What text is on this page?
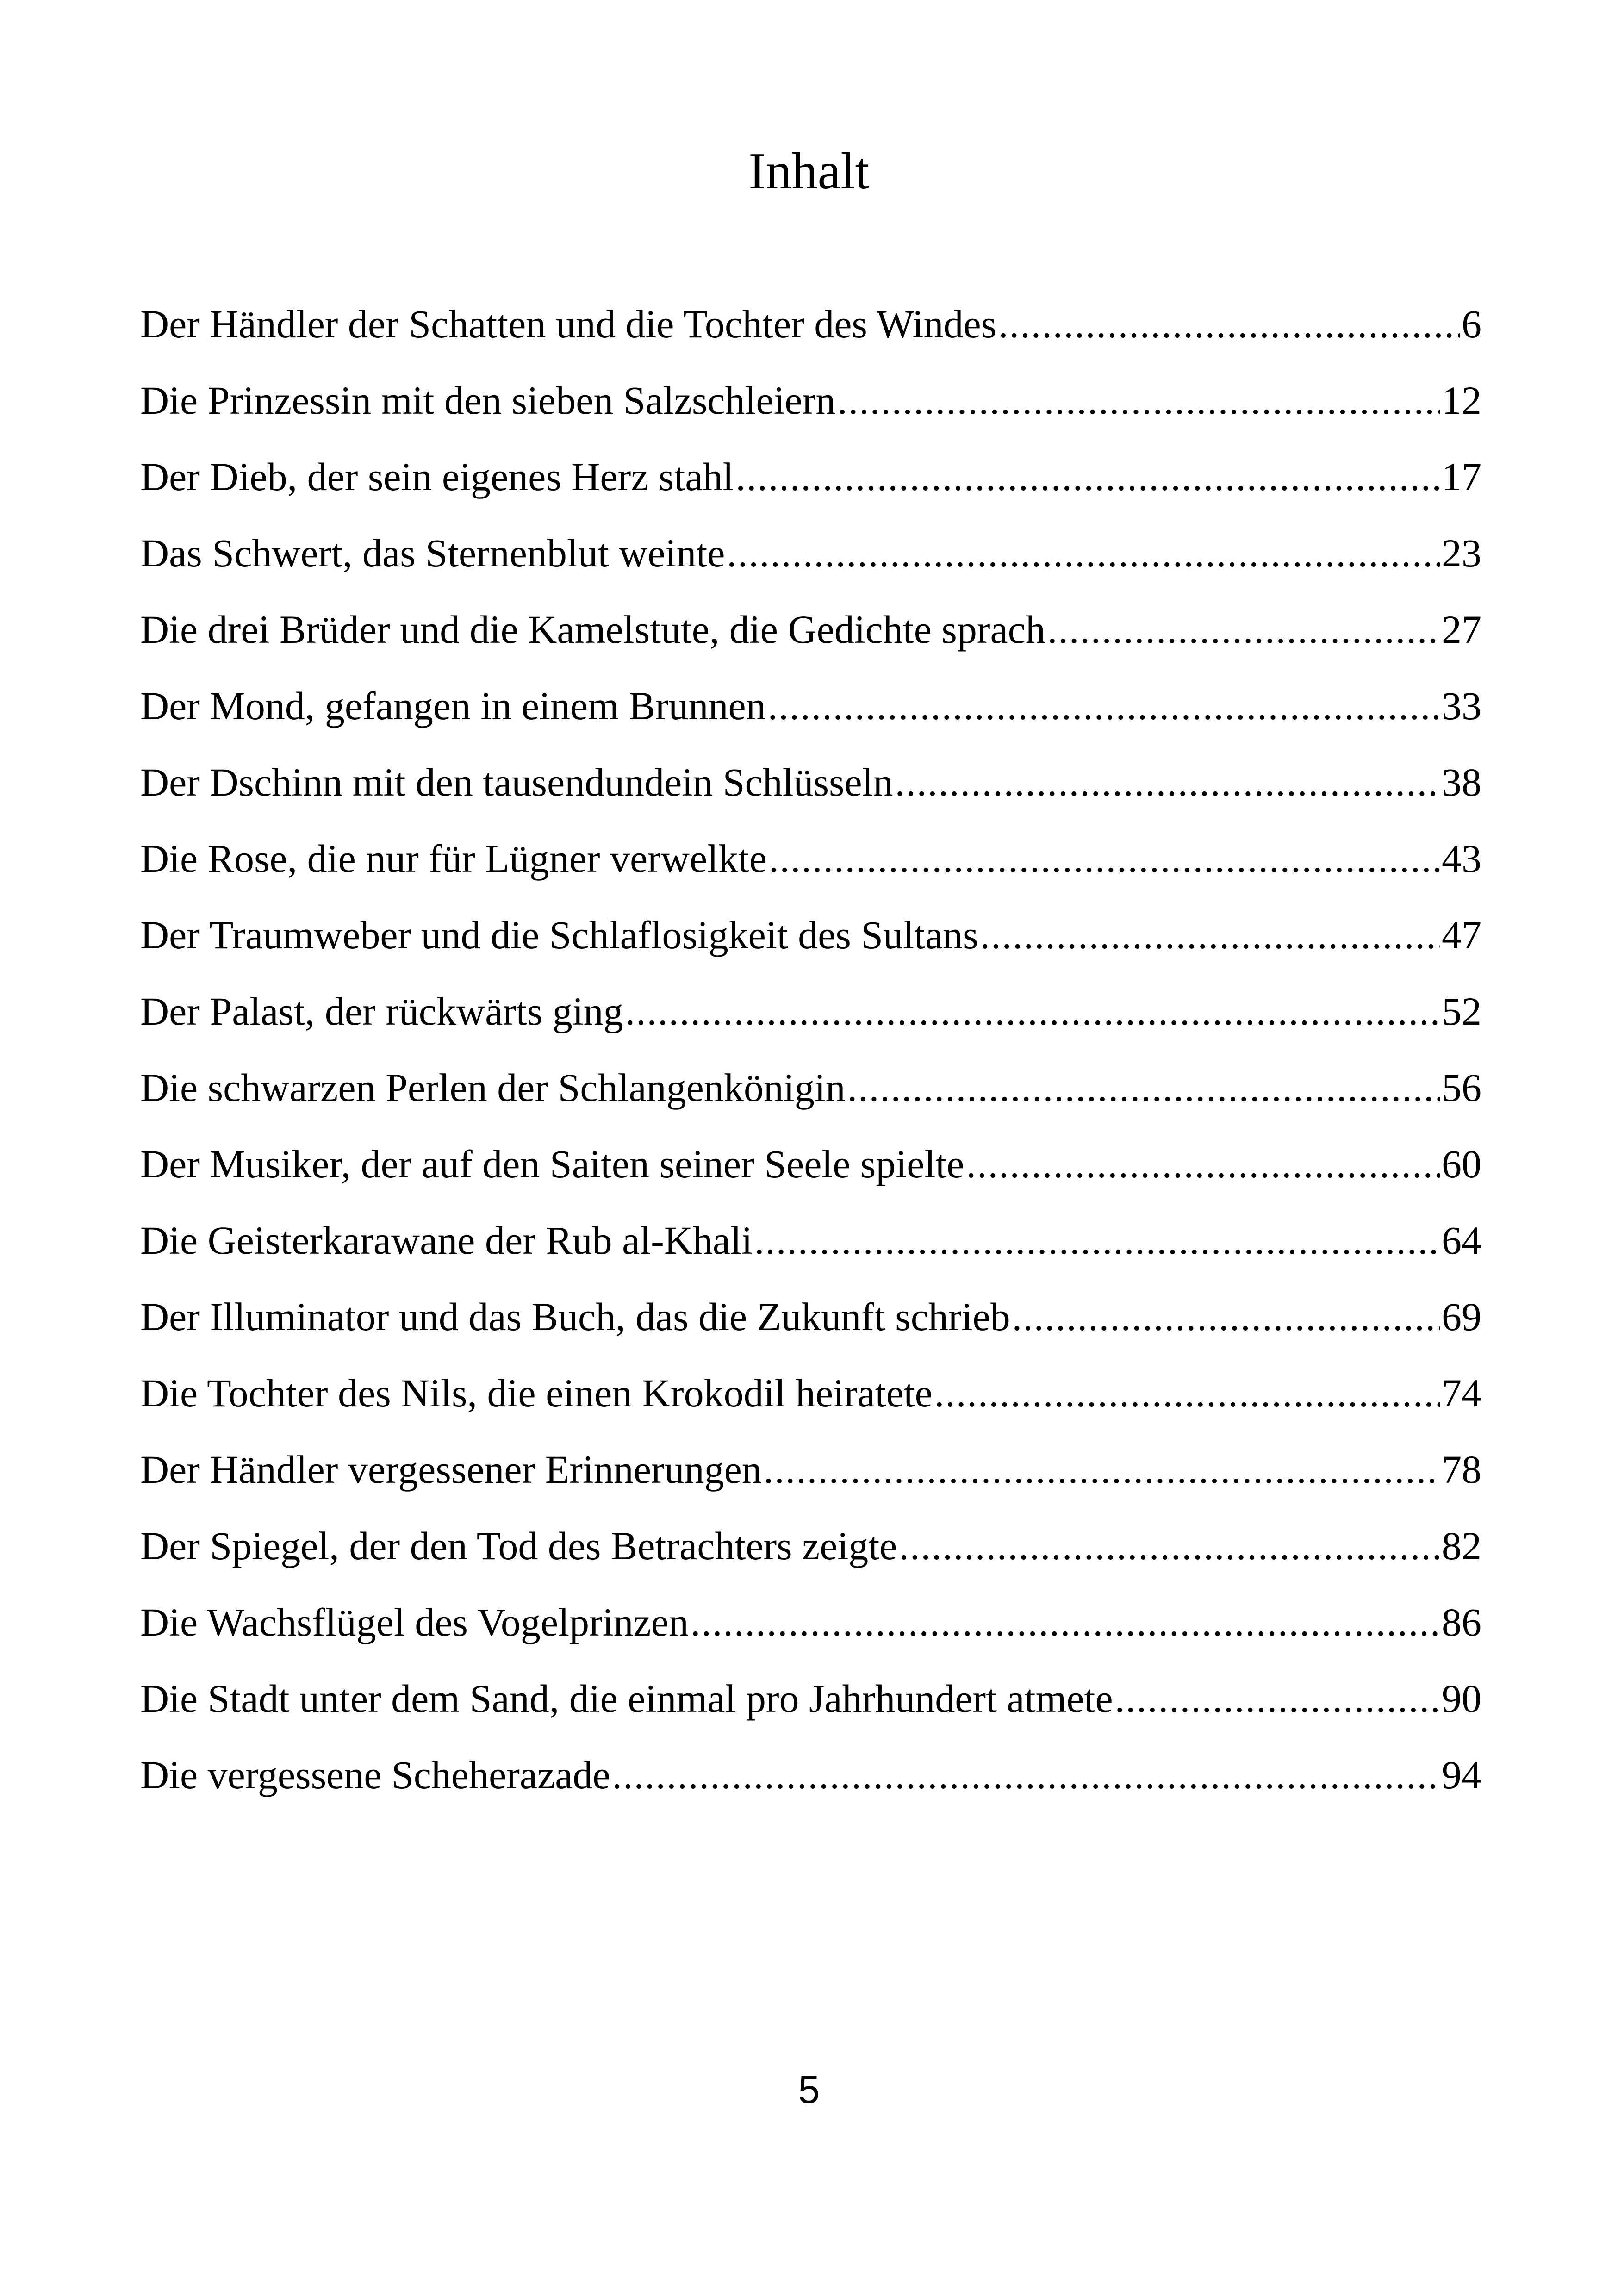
Inhalt
Der Händler der Schatten und die Tochter des Windes .....	6
Die Prinzessin mit den sieben Salzschleiern .....	12
Der Dieb, der sein eigenes Herz stahl .....	17
Das Schwert, das Sternenblut weinte .....	23
Die drei Brüder und die Kamelstute, die Gedichte sprach .....	27
Der Mond, gefangen in einem Brunnen .....	33
Der Dschinn mit den tausendundein Schlüsseln .....	38
Die Rose, die nur für Lügner verwelkte .....	43
Der Traumweber und die Schlaflosigkeit des Sultans .....	47
Der Palast, der rückwärts ging .....	52
Die schwarzen Perlen der Schlangenkönigin .....	56
Der Musiker, der auf den Saiten seiner Seele spielte .....	60
Die Geisterkarawane der Rub al-Khali .....	64
Der Illuminator und das Buch, das die Zukunft schrieb .....	69
Die Tochter des Nils, die einen Krokodil heiratete .....	74
Der Händler vergessener Erinnerungen .....	78
Der Spiegel, der den Tod des Betrachters zeigte .....	82
Die Wachsflügel des Vogelprinzen .....	86
Die Stadt unter dem Sand, die einmal pro Jahrhundert atmete .....	90
Die vergessene Scheherazade .....	94
5
